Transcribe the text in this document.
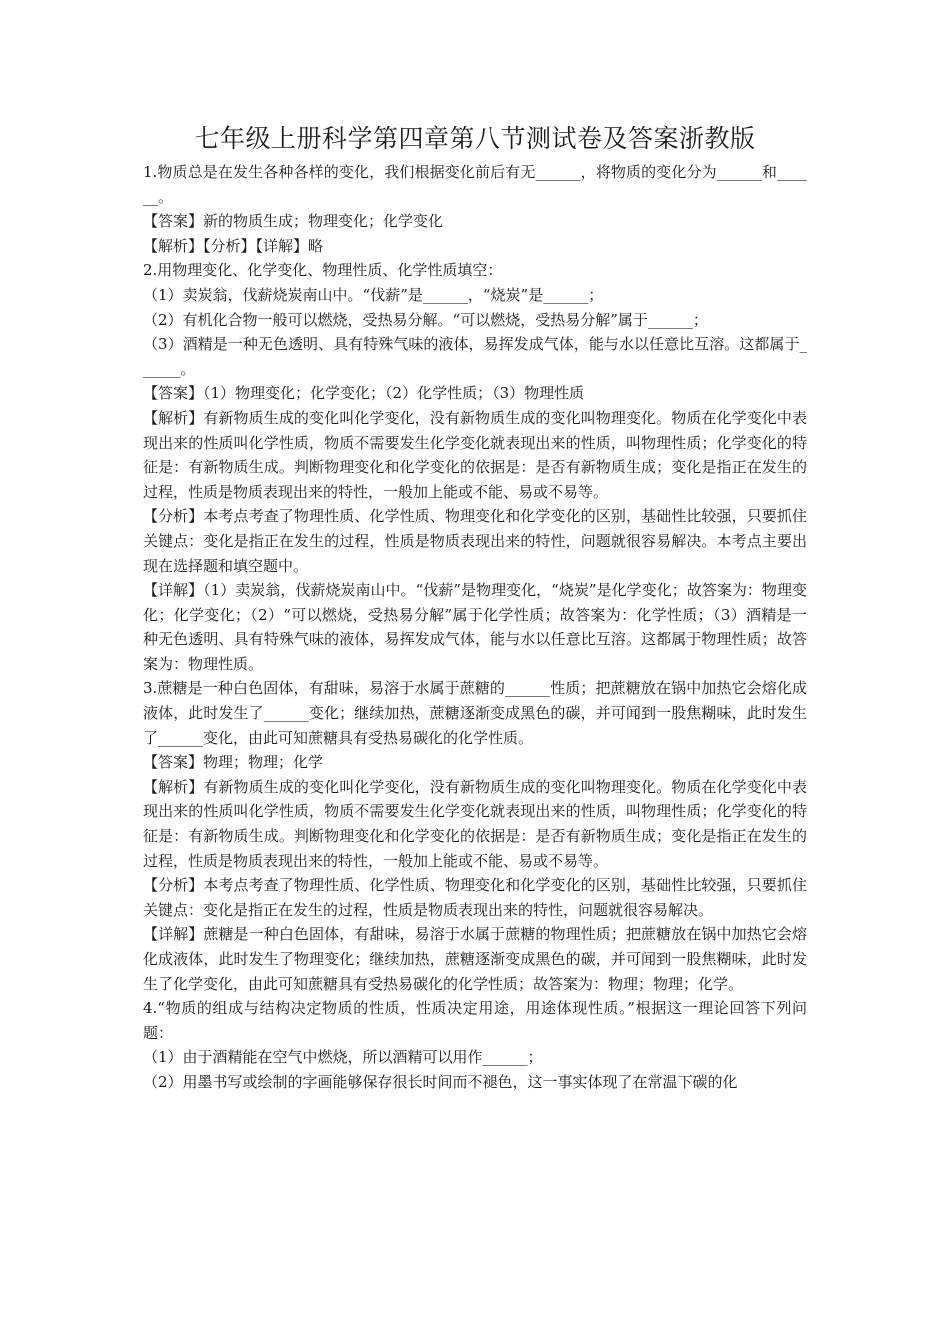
七年级上册科学第四章第八节测试卷及答案浙教版

1.物质总是在发生各种各样的变化，我们根据变化前后有无______，将物质的变化分为______和______。

【答案】新的物质生成；物理变化；化学变化

【解析】【分析】【详解】略

2.用物理变化、化学变化、物理性质、化学性质填空：

（1）卖炭翁，伐薪烧炭南山中。“伐薪”是______，“烧炭”是______；

（2）有机化合物一般可以燃烧，受热易分解。“可以燃烧，受热易分解”属于______；

（3）酒精是一种无色透明、具有特殊气味的液体，易挥发成气体，能与水以任意比互溶。这都属于______。

【答案】（1）物理变化；化学变化；（2）化学性质；（3）物理性质

【解析】有新物质生成的变化叫化学变化，没有新物质生成的变化叫物理变化。物质在化学变化中表现出来的性质叫化学性质，物质不需要发生化学变化就表现出来的性质，叫物理性质；化学变化的特征是：有新物质生成。判断物理变化和化学变化的依据是：是否有新物质生成；变化是指正在发生的过程，性质是物质表现出来的特性，一般加上能或不能、易或不易等。

【分析】本考点考查了物理性质、化学性质、物理变化和化学变化的区别，基础性比较强，只要抓住关键点：变化是指正在发生的过程，性质是物质表现出来的特性，问题就很容易解决。本考点主要出现在选择题和填空题中。

【详解】（1）卖炭翁，伐薪烧炭南山中。“伐薪”是物理变化，“烧炭”是化学变化；故答案为：物理变化；化学变化；（2）“可以燃烧，受热易分解”属于化学性质；故答案为：化学性质；（3）酒精是一种无色透明、具有特殊气味的液体，易挥发成气体，能与水以任意比互溶。这都属于物理性质；故答案为：物理性质。

3.蔗糖是一种白色固体，有甜味，易溶于水属于蔗糖的______性质；把蔗糖放在锅中加热它会熔化成液体，此时发生了______变化；继续加热，蔗糖逐渐变成黑色的碳，并可闻到一股焦糊味，此时发生了______变化，由此可知蔗糖具有受热易碳化的化学性质。

【答案】物理；物理；化学

【解析】有新物质生成的变化叫化学变化，没有新物质生成的变化叫物理变化。物质在化学变化中表现出来的性质叫化学性质，物质不需要发生化学变化就表现出来的性质，叫物理性质；化学变化的特征是：有新物质生成。判断物理变化和化学变化的依据是：是否有新物质生成；变化是指正在发生的过程，性质是物质表现出来的特性，一般加上能或不能、易或不易等。

【分析】本考点考查了物理性质、化学性质、物理变化和化学变化的区别，基础性比较强，只要抓住关键点：变化是指正在发生的过程，性质是物质表现出来的特性，问题就很容易解决。

【详解】蔗糖是一种白色固体，有甜味，易溶于水属于蔗糖的物理性质；把蔗糖放在锅中加热它会熔化成液体，此时发生了物理变化；继续加热，蔗糖逐渐变成黑色的碳，并可闻到一股焦糊味，此时发生了化学变化，由此可知蔗糖具有受热易碳化的化学性质；故答案为：物理；物理；化学。

4.“物质的组成与结构决定物质的性质，性质决定用途，用途体现性质。”根据这一理论回答下列问题：

（1）由于酒精能在空气中燃烧，所以酒精可以用作______；

（2）用墨书写或绘制的字画能够保存很长时间而不褪色，这一事实体现了在常温下碳的化
